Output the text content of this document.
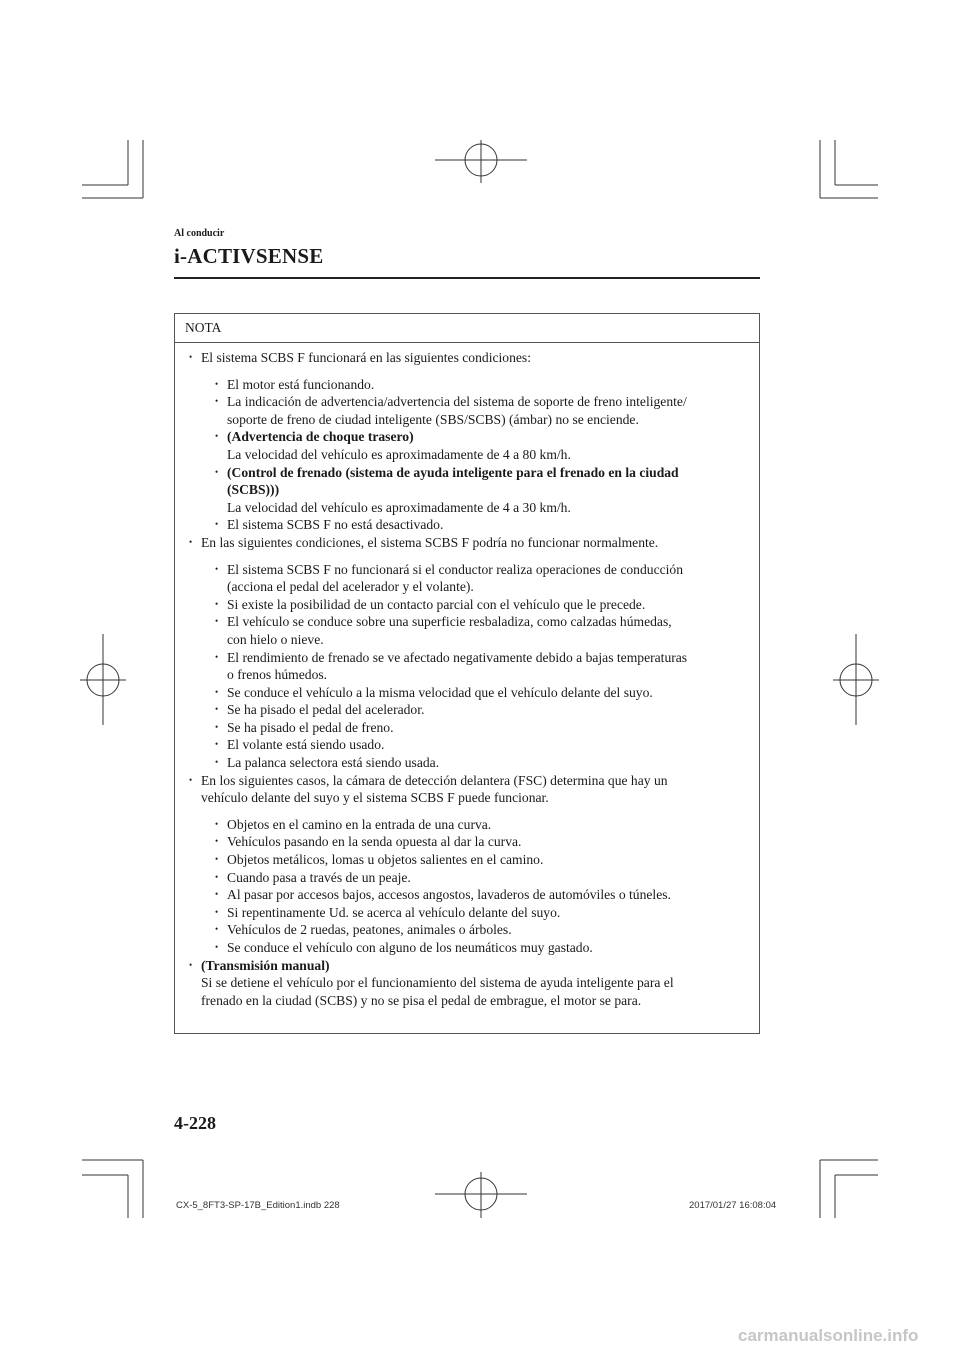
Al conducir
i-ACTIVSENSE
NOTA

• El sistema SCBS F funcionará en las siguientes condiciones:

• El motor está funcionando.

• La indicación de advertencia/advertencia del sistema de soporte de freno inteligente/
soporte de freno de ciudad inteligente (SBS/SCBS) (ámbar) no se enciende.
• (Advertencia de choque trasero)
La velocidad del vehículo es aproximadamente de 4 a 80 km/h.
• (Control de frenado (sistema de ayuda inteligente para el frenado en la ciudad
(SCBS)))
La velocidad del vehículo es aproximadamente de 4 a 30 km/h.

• El sistema SCBS F no está desactivado.

• En las siguientes condiciones, el sistema SCBS F podría no funcionar normalmente.

• El sistema SCBS F no funcionará si el conductor realiza operaciones de conducción
(acciona el pedal del acelerador y el volante).

• Si existe la posibilidad de un contacto parcial con el vehículo que le precede.

• El vehículo se conduce sobre una superficie resbaladiza, como calzadas húmedas,
con hielo o nieve.
• El rendimiento de frenado se ve afectado negativamente debido a bajas temperaturas
o frenos húmedos.

• Se conduce el vehículo a la misma velocidad que el vehículo delante del suyo.

• Se ha pisado el pedal del acelerador.

• Se ha pisado el pedal de freno.

• El volante está siendo usado.

• La palanca selectora está siendo usada.

• En los siguientes casos, la cámara de detección delantera (FSC) determina que hay un
vehículo delante del suyo y el sistema SCBS F puede funcionar.

• Objetos en el camino en la entrada de una curva.

• Vehículos pasando en la senda opuesta al dar la curva.

• Objetos metálicos, lomas u objetos salientes en el camino.

• Cuando pasa a través de un peaje.

• Al pasar por accesos bajos, accesos angostos, lavaderos de automóviles o túneles.

• Si repentinamente Ud. se acerca al vehículo delante del suyo.

• Vehículos de 2 ruedas, peatones, animales o árboles.

• Se conduce el vehículo con alguno de los neumáticos muy gastado.

• (Transmisión manual)
Si se detiene el vehículo por el funcionamiento del sistema de ayuda inteligente para el
frenado en la ciudad (SCBS) y no se pisa el pedal de embrague, el motor se para.
4-228
CX-5_8FT3-SP-17B_Edition1.indb 228	2017/01/27 16:08:04
carmanualsonline.info
